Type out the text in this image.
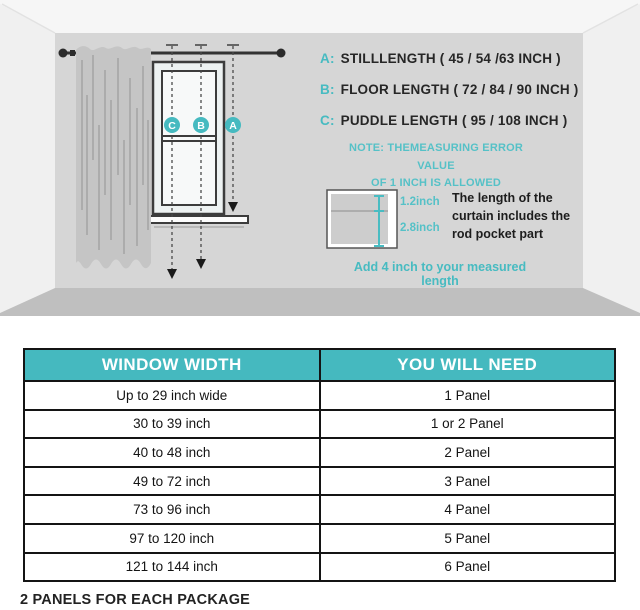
C B A
A: STILLLENGTH ( 45 / 54 /63 INCH )
B: FLOOR LENGTH ( 72 / 84 / 90 INCH )
C: PUDDLE LENGTH ( 95 / 108 INCH )
NOTE: THEMEASURING ERROR VALUE
OF 1 INCH IS ALLOWED
1.2inch
2.8inch
The length of the curtain includes the rod pocket part
Add 4 inch to your measured length
WINDOW WIDTH	YOU WILL NEED
Up to 29 inch wide	1 Panel
30 to 39 inch	1 or 2 Panel
40 to 48 inch	2 Panel
49 to 72 inch	3 Panel
73 to 96 inch	4 Panel
97 to 120 inch	5 Panel
121 to 144 inch	6 Panel
2 PANELS FOR EACH PACKAGE
